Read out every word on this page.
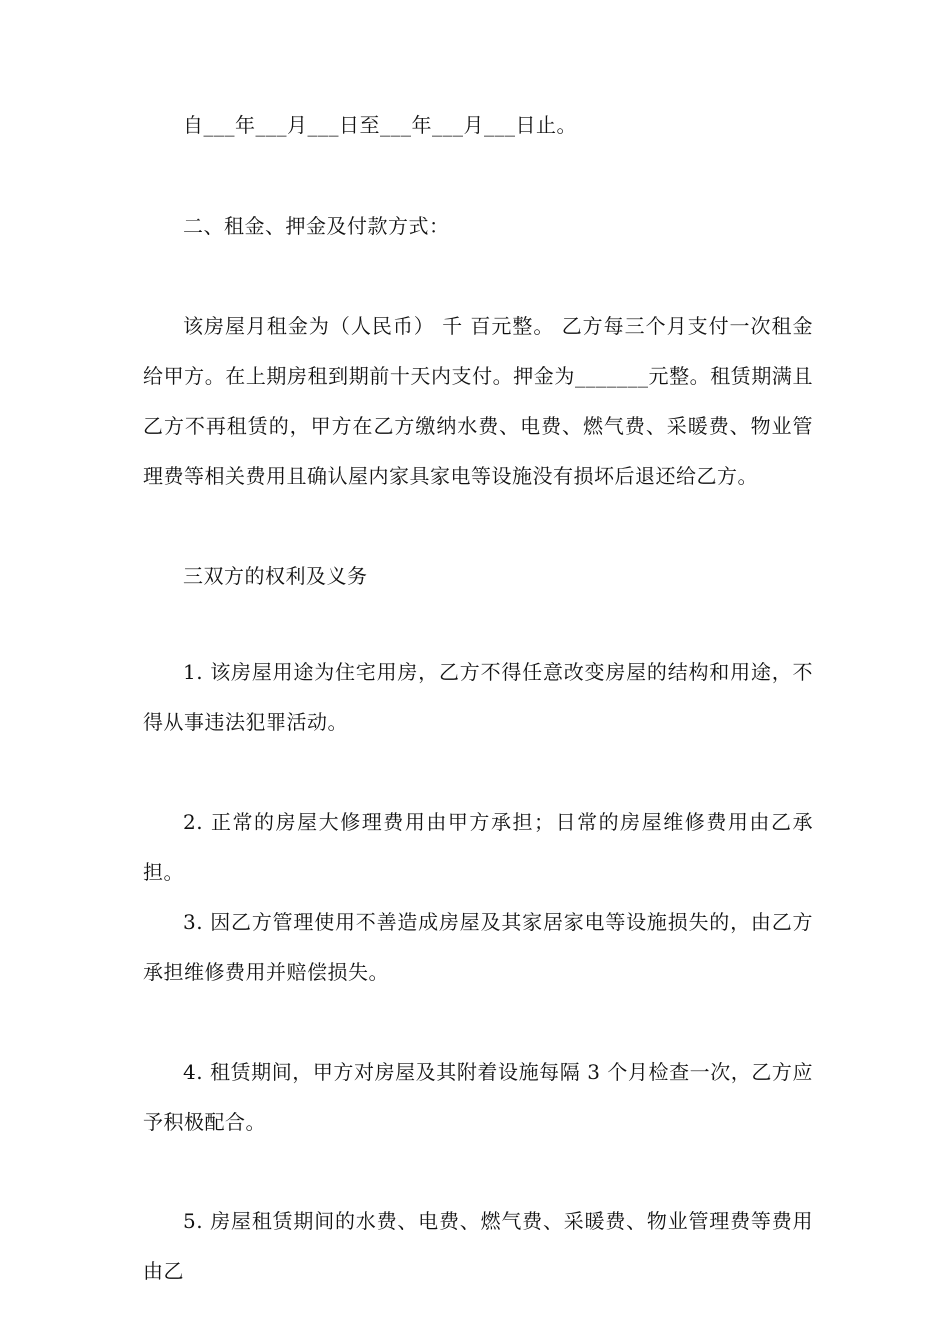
自___年___月___日至___年___月___日止。

二、租金、押金及付款方式：

该房屋月租金为（人民币） 千 百元整。 乙方每三个月支付一次租金给甲方。在上期房租到期前十天内支付。押金为_______元整。租赁期满且乙方不再租赁的，甲方在乙方缴纳水费、电费、燃气费、采暖费、物业管理费等相关费用且确认屋内家具家电等设施没有损坏后退还给乙方。

三双方的权利及义务

1. 该房屋用途为住宅用房，乙方不得任意改变房屋的结构和用途，不得从事违法犯罪活动。

2. 正常的房屋大修理费用由甲方承担；日常的房屋维修费用由乙承担。

3. 因乙方管理使用不善造成房屋及其家居家电等设施损失的，由乙方承担维修费用并赔偿损失。

4. 租赁期间，甲方对房屋及其附着设施每隔 3 个月检查一次，乙方应予积极配合。

5. 房屋租赁期间的水费、电费、燃气费、采暖费、物业管理费等费用由乙
